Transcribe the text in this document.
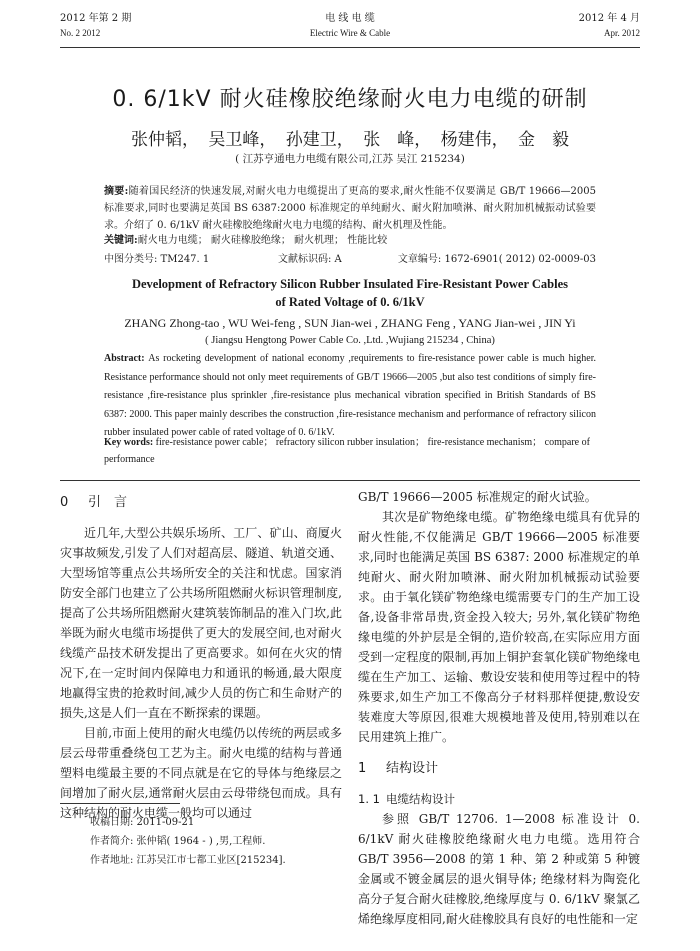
2012 年第 2 期
No. 2 2012
电 线 电 缆
Electric Wire & Cable
2012 年 4 月
Apr. 2012
0. 6/1kV 耐火硅橡胶绝缘耐火电力电缆的研制
张仲韬， 吴卫峰， 孙建卫， 张　峰， 杨建伟， 金　毅
( 江苏亨通电力电缆有限公司,江苏 吴江 215234)
摘要:随着国民经济的快速发展,对耐火电力电缆提出了更高的要求,耐火性能不仅要满足 GB/T 19666—2005 标准要求,同时也要满足英国 BS 6387:2000 标准规定的单纯耐火、耐火附加喷淋、耐火附加机械振动试验要求。介绍了 0. 6/1kV 耐火硅橡胶绝缘耐火电力电缆的结构、耐火机理及性能。
关键词:耐火电力电缆； 耐火硅橡胶绝缘； 耐火机理； 性能比较
中图分类号: TM247. 1	文献标识码: A	文章编号: 1672-6901( 2012) 02-0009-03
Development of Refractory Silicon Rubber Insulated Fire-Resistant Power Cables
of Rated Voltage of 0. 6/1kV
ZHANG Zhong-tao , WU Wei-feng , SUN Jian-wei , ZHANG Feng , YANG Jian-wei , JIN Yi
( Jiangsu Hengtong Power Cable Co. ,Ltd. ,Wujiang 215234 , China)
Abstract: As rocketing development of national economy ,requirements to fire-resistance power cable is much higher. Resistance performance should not only meet requirements of GB/T 19666—2005 ,but also test conditions of simply fire-resistance ,fire-resistance plus sprinkler ,fire-resistance plus mechanical vibration specified in British Standards of BS 6387: 2000. This paper mainly describes the construction ,fire-resistance mechanism and performance of refractory silicon rubber insulated power cable of rated voltage of 0. 6/1kV.
Key words: fire-resistance power cable； refractory silicon rubber insulation； fire-resistance mechanism； compare of performance
0 引　言

近几年,大型公共娱乐场所、工厂、矿山、商厦火灾事故频发,引发了人们对超高层、隧道、轨道交通、大型场馆等重点公共场所安全的关注和忧虑。国家消防安全部门也建立了公共场所阻燃耐火标识管理制度,提高了公共场所阻燃耐火建筑装饰制品的准入门坎,此举既为耐火电缆市场提供了更大的发展空间,也对耐火线缆产品技术研发提出了更高要求。如何在火灾的情况下,在一定时间内保障电力和通讯的畅通,最大限度地赢得宝贵的抢救时间,减少人员的伤亡和生命财产的损失,这是人们一直在不断探索的课题。

目前,市面上使用的耐火电缆仍以传统的两层或多层云母带重叠绕包工艺为主。耐火电缆的结构与普通塑料电缆最主要的不同点就是在它的导体与绝缘层之间增加了耐火层,通常耐火层由云母带绕包而成。具有这种结构的耐火电缆一般均可以通过

GB/T 19666—2005 标准规定的耐火试验。

其次是矿物绝缘电缆。矿物绝缘电缆具有优异的耐火性能,不仅能满足 GB/T 19666—2005 标准要求,同时也能满足英国 BS 6387: 2000 标准规定的单纯耐火、耐火附加喷淋、耐火附加机械振动试验要求。由于氧化镁矿物绝缘电缆需要专门的生产加工设备,设备非常昂贵,资金投入较大; 另外,氧化镁矿物绝缘电缆的外护层是全铜的,造价较高,在实际应用方面受到一定程度的限制,再加上铜护套氧化镁矿物绝缘电缆在生产加工、运输、敷设安装和使用等过程中的特殊要求,如生产加工不像高分子材料那样便捷,敷设安装难度大等原因,很难大规模地普及使用,特别难以在民用建筑上推广。

1 结构设计
1. 1 电缆结构设计

参照 GB/T 12706. 1—2008 标准设计 0. 6/1kV 耐火硅橡胶绝缘耐火电力电缆。选用符合 GB/T 3956—2008 的第 1 种、第 2 种或第 5 种镀金属或不镀金属层的退火铜导体; 绝缘材料为陶瓷化高分子复合耐火硅橡胶,绝缘厚度与 0. 6/1kV 聚氯乙烯绝缘厚度相同,耐火硅橡胶具有良好的电性能和一定

收稿日期: 2011-09-21
作者简介: 张仲韬( 1964 - ) ,男,工程师.
作者地址: 江苏吴江市七都工业区[215234].
